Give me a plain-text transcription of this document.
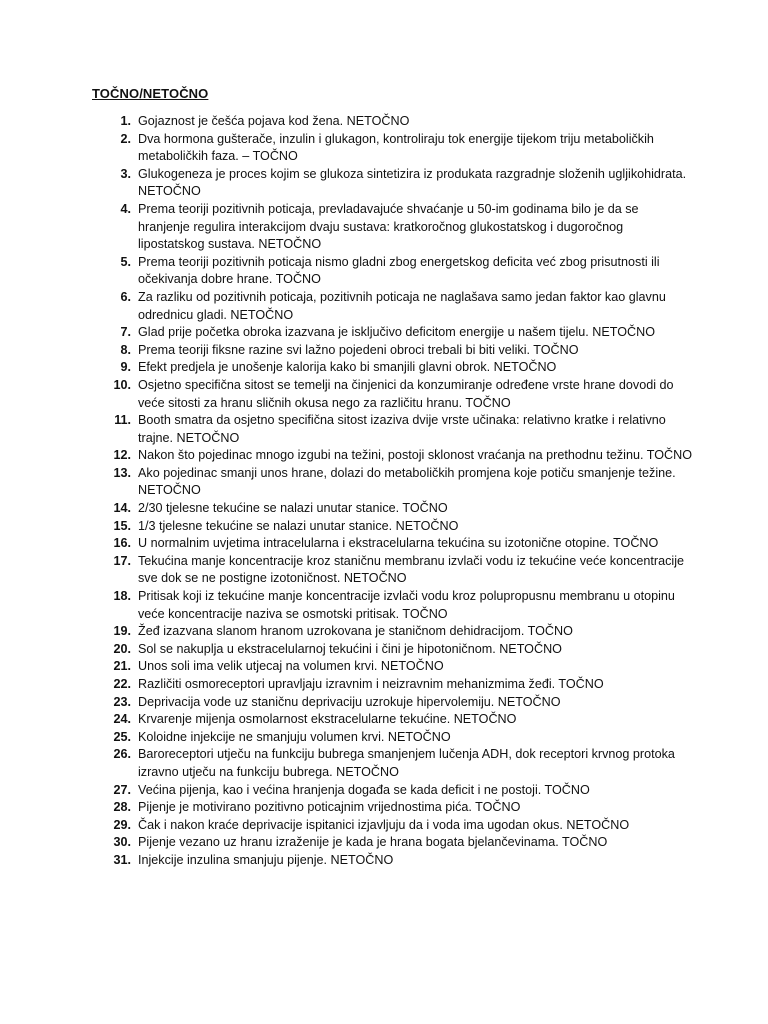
TOČNO/NETOČNO
1. Gojaznost je češća pojava kod žena. NETOČNO
2. Dva hormona gušterače, inzulin i glukagon, kontroliraju tok energije tijekom triju metaboličkih metaboličkih faza. – TOČNO
3. Glukogeneza je proces kojim se glukoza sintetizira iz produkata razgradnje složenih ugljikohidrata. NETOČNO
4. Prema teoriji pozitivnih poticaja, prevladavajuće shvaćanje u 50-im godinama bilo je da se hranjenje regulira interakcijom dvaju sustava: kratkoročnog glukostatskog i dugoročnog lipostatskog sustava. NETOČNO
5. Prema teoriji pozitivnih poticaja nismo gladni zbog energetskog deficita već zbog prisutnosti ili očekivanja dobre hrane. TOČNO
6. Za razliku od pozitivnih poticaja, pozitivnih poticaja ne naglašava samo jedan faktor kao glavnu odrednicu gladi. NETOČNO
7. Glad prije početka obroka izazvana je isključivo deficitom energije u našem tijelu. NETOČNO
8. Prema teoriji fiksne razine svi lažno pojedeni obroci trebali bi biti veliki. TOČNO
9. Efekt predjela je unošenje kalorija kako bi smanjili glavni obrok. NETOČNO
10. Osjetno specifična sitost se temelji na činjenici da konzumiranje određene vrste hrane dovodi do veće sitosti za hranu sličnih okusa nego za različitu hranu. TOČNO
11. Booth smatra da osjetno specifična sitost izaziva dvije vrste učinaka: relativno kratke i relativno trajne. NETOČNO
12. Nakon što pojedinac mnogo izgubi na težini, postoji sklonost vraćanja na prethodnu težinu. TOČNO
13. Ako pojedinac smanji unos hrane, dolazi do metaboličkih promjena koje potiču smanjenje težine. NETOČNO
14. 2/30 tjelesne tekućine se nalazi unutar stanice. TOČNO
15. 1/3 tjelesne tekućine se nalazi unutar stanice. NETOČNO
16. U normalnim uvjetima intracelularna i ekstracelularna tekućina su izotonične otopine. TOČNO
17. Tekućina manje koncentracije kroz staničnu membranu izvlači vodu iz tekućine veće koncentracije sve dok se ne postigne izotoničnost. NETOČNO
18. Pritisak koji iz tekućine manje koncentracije izvlači vodu kroz polupropusnu membranu u otopinu veće koncentracije naziva se osmotski pritisak. TOČNO
19. Žeđ izazvana slanom hranom uzrokovana je staničnom dehidracijom. TOČNO
20. Sol se nakuplja u ekstracelularnoj tekućini i čini je hipotoničnom. NETOČNO
21. Unos soli ima velik utjecaj na volumen krvi. NETOČNO
22. Različiti osmoreceptori upravljaju izravnim i neizravnim mehanizmima žeđi. TOČNO
23. Deprivacija vode uz staničnu deprivaciju uzrokuje hipervolemiju. NETOČNO
24. Krvarenje mijenja osmolarnost ekstracelularne tekućine. NETOČNO
25. Koloidne injekcije ne smanjuju volumen krvi. NETOČNO
26. Baroreceptori utječu na funkciju bubrega smanjenjem lučenja ADH, dok receptori krvnog protoka izravno utječu na funkciju bubrega. NETOČNO
27. Većina pijenja, kao i većina hranjenja događa se kada deficit i ne postoji. TOČNO
28. Pijenje je motivirano pozitivno poticajnim vrijednostima pića. TOČNO
29. Čak i nakon kraće deprivacije ispitanici izjavljuju da i voda ima ugodan okus. NETOČNO
30. Pijenje vezano uz hranu izraženije je kada je hrana bogata bjelančevinama. TOČNO
31. Injekcije inzulina smanjuju pijenje. NETOČNO
